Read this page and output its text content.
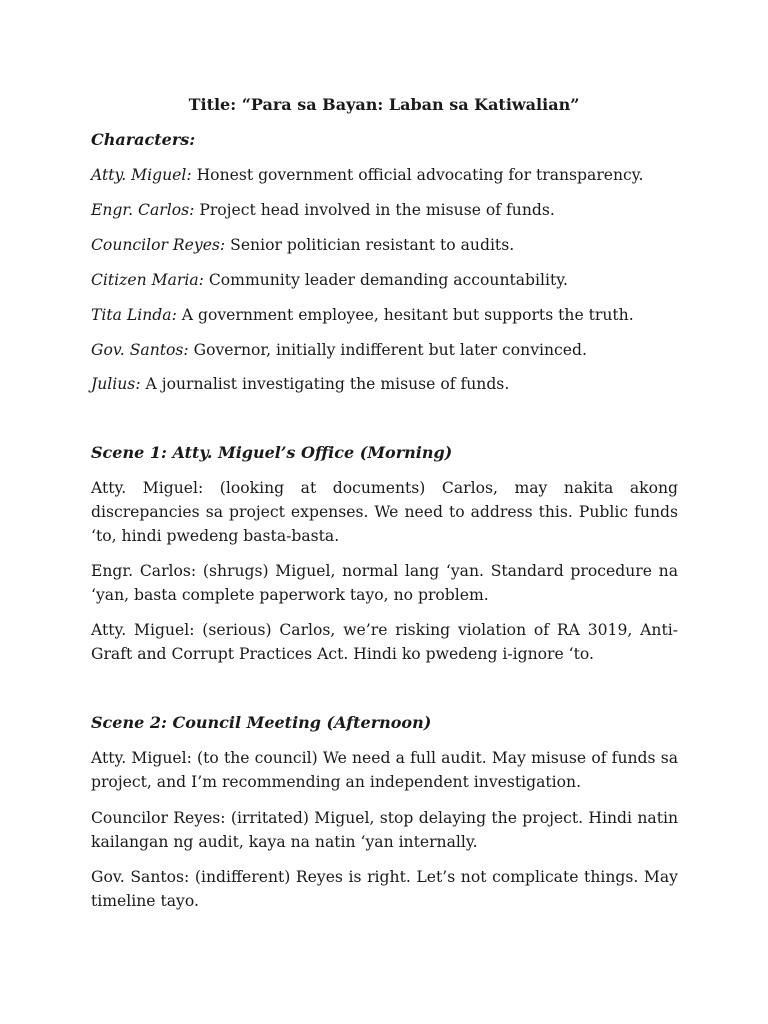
Title: “Para sa Bayan: Laban sa Katiwalian”

Characters:

Atty. Miguel: Honest government official advocating for transparency.

Engr. Carlos: Project head involved in the misuse of funds.

Councilor Reyes: Senior politician resistant to audits.

Citizen Maria: Community leader demanding accountability.

Tita Linda: A government employee, hesitant but supports the truth.

Gov. Santos: Governor, initially indifferent but later convinced.

Julius: A journalist investigating the misuse of funds.

Scene 1: Atty. Miguel’s Office (Morning)

Atty. Miguel: (looking at documents) Carlos, may nakita akong discrepancies sa project expenses. We need to address this. Public funds ‘to, hindi pwedeng basta-basta.

Engr. Carlos: (shrugs) Miguel, normal lang ‘yan. Standard procedure na ‘yan, basta complete paperwork tayo, no problem.

Atty. Miguel: (serious) Carlos, we’re risking violation of RA 3019, Anti-Graft and Corrupt Practices Act. Hindi ko pwedeng i-ignore ‘to.

Scene 2: Council Meeting (Afternoon)

Atty. Miguel: (to the council) We need a full audit. May misuse of funds sa project, and I’m recommending an independent investigation.

Councilor Reyes: (irritated) Miguel, stop delaying the project. Hindi natin kailangan ng audit, kaya na natin ‘yan internally.

Gov. Santos: (indifferent) Reyes is right. Let’s not complicate things. May timeline tayo.
